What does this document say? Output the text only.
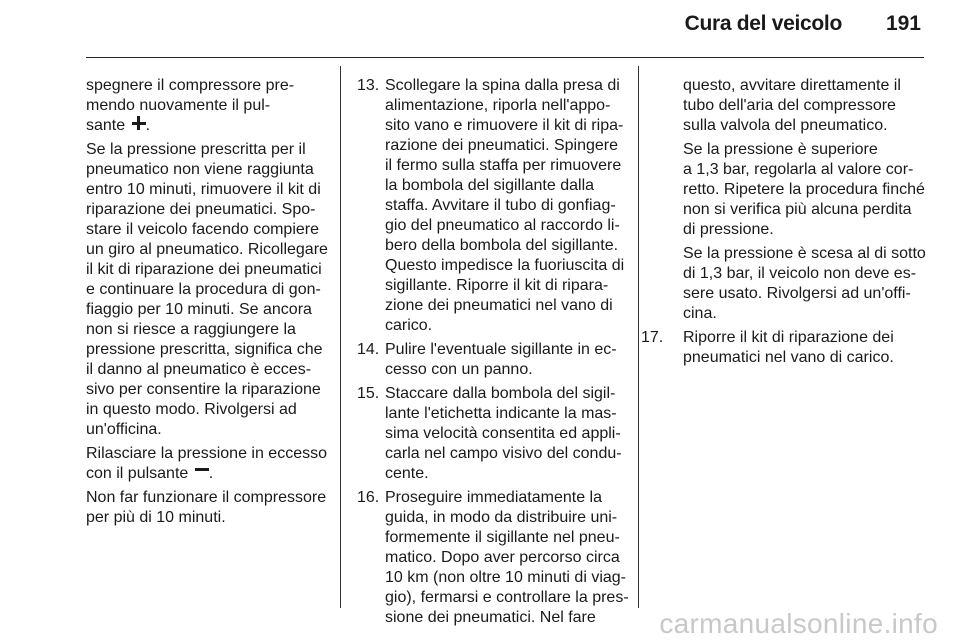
Cura del veicolo 191

spegnere il compressore pre-
mendo nuovamente il pul-
sante .

Se la pressione prescritta per il
pneumatico non viene raggiunta
entro 10 minuti, rimuovere il kit di
riparazione dei pneumatici. Spo-
stare il veicolo facendo compiere
un giro al pneumatico. Ricollegare
il kit di riparazione dei pneumatici
e continuare la procedura di gon-
fiaggio per 10 minuti. Se ancora
non si riesce a raggiungere la
pressione prescritta, significa che
il danno al pneumatico è ecces-
sivo per consentire la riparazione
in questo modo. Rivolgersi ad
un'officina.

Rilasciare la pressione in eccesso
con il pulsante .

Non far funzionare il compressore
per più di 10 minuti.

13. Scollegare la spina dalla presa di
alimentazione, riporla nell'appo-
sito vano e rimuovere il kit di ripa-
razione dei pneumatici. Spingere
il fermo sulla staffa per rimuovere
la bombola del sigillante dalla
staffa. Avvitare il tubo di gonfiag-
gio del pneumatico al raccordo li-
bero della bombola del sigillante.
Questo impedisce la fuoriuscita di
sigillante. Riporre il kit di ripara-
zione dei pneumatici nel vano di
carico.
14. Pulire l'eventuale sigillante in ec-
cesso con un panno.
15. Staccare dalla bombola del sigil-
lante l'etichetta indicante la mas-
sima velocità consentita ed appli-
carla nel campo visivo del condu-
cente.
16. Proseguire immediatamente la
guida, in modo da distribuire uni-
formemente il sigillante nel pneu-
matico. Dopo aver percorso circa
10 km (non oltre 10 minuti di viag-
gio), fermarsi e controllare la pres-
sione dei pneumatici. Nel fare
questo, avvitare direttamente il
tubo dell'aria del compressore
sulla valvola del pneumatico.
Se la pressione è superiore
a 1,3 bar, regolarla al valore cor-
retto. Ripetere la procedura finché
non si verifica più alcuna perdita
di pressione.
Se la pressione è scesa al di sotto
di 1,3 bar, il veicolo non deve es-
sere usato. Rivolgersi ad un'offi-
cina.
17. Riporre il kit di riparazione dei
pneumatici nel vano di carico.
carmanualsonline.info
